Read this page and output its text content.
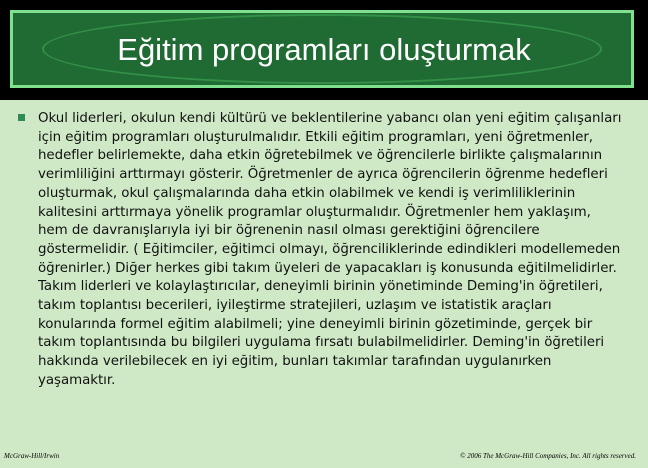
Eğitim programları oluşturmak

Okul liderleri, okulun kendi kültürü ve beklentilerine yabancı olan yeni eğitim çalışanları için eğitim programları oluşturulmalıdır. Etkili eğitim programları, yeni öğretmenler, hedefler belirlemekte, daha etkin öğretebilmek ve öğrencilerle birlikte çalışmalarının verimliliğini arttırmayı gösterir. Öğretmenler de ayrıca öğrencilerin öğrenme hedefleri oluşturmak, okul çalışmalarında daha etkin olabilmek ve kendi iş verimliliklerinin kalitesini arttırmaya yönelik programlar oluşturmalıdır. Öğretmenler hem yaklaşım, hem de davranışlarıyla iyi bir öğrenenin nasıl olması gerektiğini öğrencilere göstermelidir. ( Eğitimciler, eğitimci olmayı, öğrenciliklerinde edindikleri modellemeden öğrenirler.) Diğer herkes gibi takım üyeleri de yapacakları iş konusunda eğitilmelidirler. Takım liderleri ve kolaylaştırıcılar, deneyimli birinin yönetiminde Deming'in öğretileri, takım toplantısı becerileri, iyileştirme stratejileri, uzlaşım ve istatistik araçları konularında formel eğitim alabilmeli; yine deneyimli birinin gözetiminde, gerçek bir takım toplantısında bu bilgileri uygulama fırsatı bulabilmelidirler. Deming'in öğretileri hakkında verilebilecek en iyi eğitim, bunları takımlar tarafından uygulanırken yaşamaktır.

McGraw-Hill/Irwin	© 2006 The McGraw-Hill Companies, Inc. All rights reserved.
